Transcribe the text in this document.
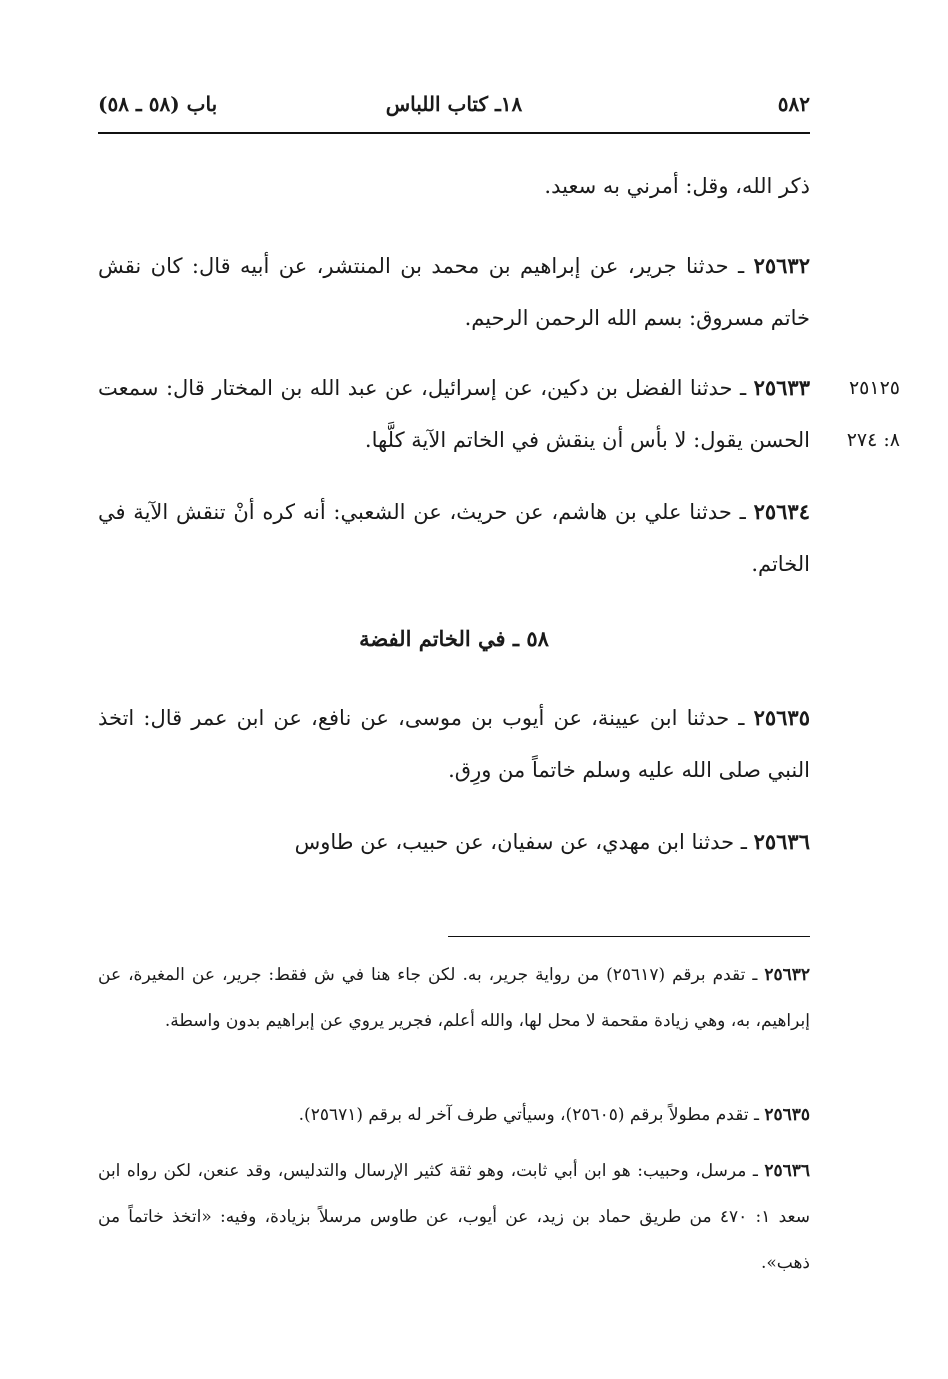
٥٨٢
١٨ـ كتاب اللباس
باب (٥٨ ـ ٥٨)
ذكر الله، وقل: أمرني به سعيد.
٢٥٦٣٢ ـ حدثنا جرير، عن إبراهيم بن محمد بن المنتشر، عن أبيه قال: كان نقش خاتم مسروق: بسم الله الرحمن الرحيم.
٢٥١٢٥
٨: ٢٧٤
٢٥٦٣٣ ـ حدثنا الفضل بن دكين، عن إسرائيل، عن عبد الله بن المختار قال: سمعت الحسن يقول: لا بأس أن ينقش في الخاتم الآية كلَّها.
٢٥٦٣٤ ـ حدثنا علي بن هاشم، عن حريث، عن الشعبي: أنه كره أنْ تنقش الآية في الخاتم.
٥٨ ـ في الخاتم الفضة
٢٥٦٣٥ ـ حدثنا ابن عيينة، عن أيوب بن موسى، عن نافع، عن ابن عمر قال: اتخذ النبي صلى الله عليه وسلم خاتماً من ورِق.
٢٥٦٣٦ ـ حدثنا ابن مهدي، عن سفيان، عن حبيب، عن طاوس
٢٥٦٣٢ ـ تقدم برقم (٢٥٦١٧) من رواية جرير، به. لكن جاء هنا في ش فقط: جرير، عن المغيرة، عن إبراهيم، به، وهي زيادة مقحمة لا محل لها، والله أعلم، فجرير يروي عن إبراهيم بدون واسطة.
٢٥٦٣٥ ـ تقدم مطولاً برقم (٢٥٦٠٥)، وسيأتي طرف آخر له برقم (٢٥٦٧١).
٢٥٦٣٦ ـ مرسل، وحبيب: هو ابن أبي ثابت، وهو ثقة كثير الإرسال والتدليس، وقد عنعن، لكن رواه ابن سعد ١: ٤٧٠ من طريق حماد بن زيد، عن أيوب، عن طاوس مرسلاً بزيادة، وفيه: «اتخذ خاتماً من ذهب».
